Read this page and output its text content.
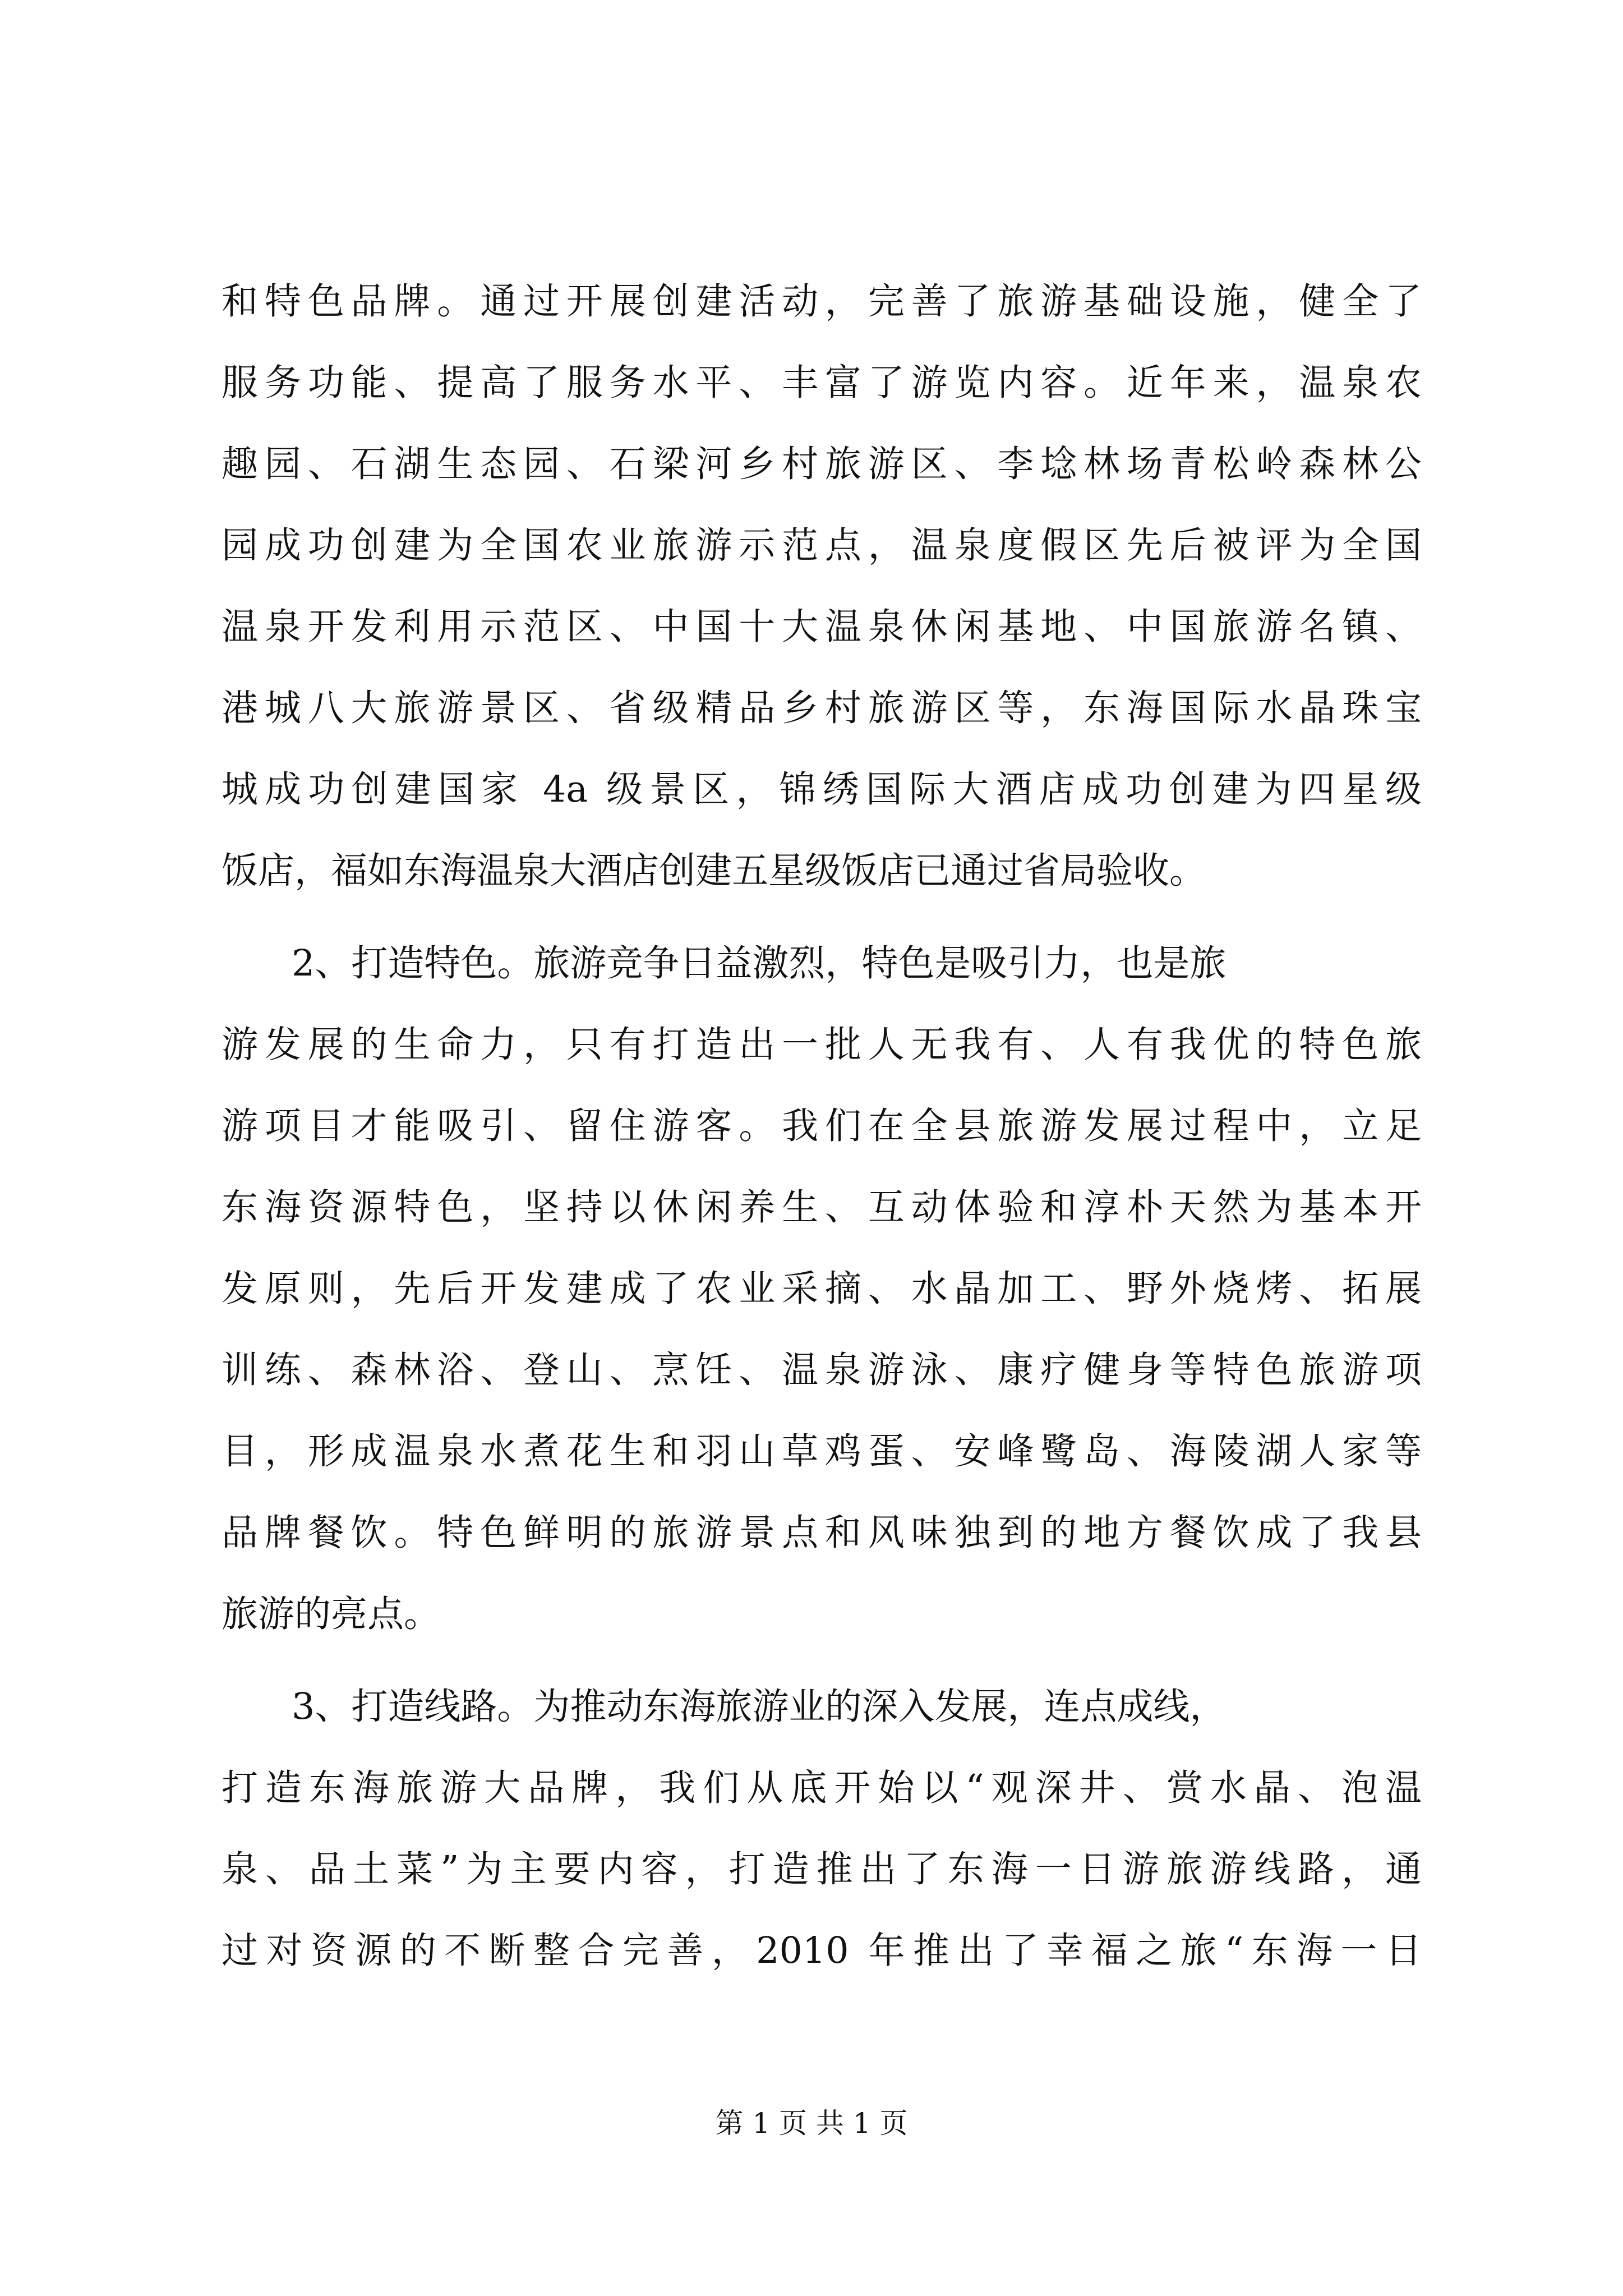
和特色品牌。通过开展创建活动，完善了旅游基础设施，健全了
服务功能、提高了服务水平、丰富了游览内容。近年来，温泉农
趣园、石湖生态园、石梁河乡村旅游区、李埝林场青松岭森林公
园成功创建为全国农业旅游示范点，温泉度假区先后被评为全国
温泉开发利用示范区、中国十大温泉休闲基地、中国旅游名镇、
港城八大旅游景区、省级精品乡村旅游区等，东海国际水晶珠宝
城成功创建国家 4a 级景区，锦绣国际大酒店成功创建为四星级
饭店，福如东海温泉大酒店创建五星级饭店已通过省局验收。
2、打造特色。旅游竞争日益激烈，特色是吸引力，也是旅
游发展的生命力，只有打造出一批人无我有、人有我优的特色旅
游项目才能吸引、留住游客。我们在全县旅游发展过程中，立足
东海资源特色，坚持以休闲养生、互动体验和淳朴天然为基本开
发原则，先后开发建成了农业采摘、水晶加工、野外烧烤、拓展
训练、森林浴、登山、烹饪、温泉游泳、康疗健身等特色旅游项
目，形成温泉水煮花生和羽山草鸡蛋、安峰鹭岛、海陵湖人家等
品牌餐饮。特色鲜明的旅游景点和风味独到的地方餐饮成了我县
旅游的亮点。
3、打造线路。为推动东海旅游业的深入发展，连点成线，
打造东海旅游大品牌，我们从底开始以“观深井、赏水晶、泡温
泉、品土菜”为主要内容，打造推出了东海一日游旅游线路，通
过对资源的不断整合完善，2010 年推出了幸福之旅“东海一日
第 1 页 共 1 页
